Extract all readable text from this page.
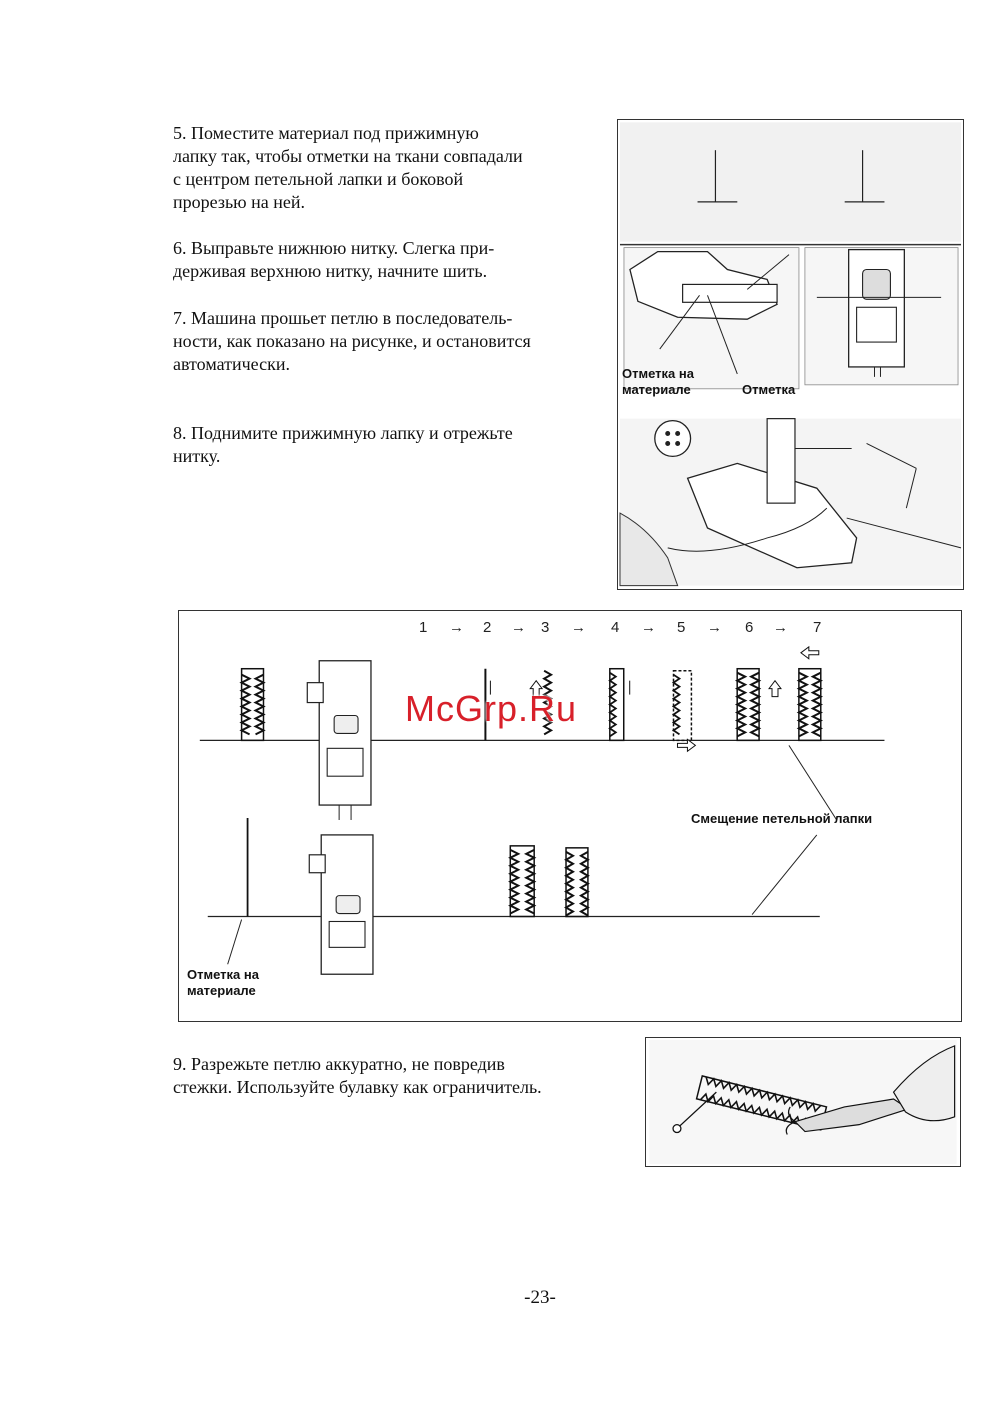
5. Поместите материал под прижимную
лапку так, чтобы отметки на ткани совпадали
с центром петельной лапки и боковой
прорезью на ней.

6. Выправьте нижнюю нитку. Слегка при-
держивая верхнюю нитку, начните шить.

7. Машина прошьет петлю в последователь-
ности, как показано на рисунке, и остановится
автоматически.

8. Поднимите прижимную лапку и отрежьте
нитку.

9. Разрежьте петлю аккуратно, не повредив
стежки. Используйте булавку как ограничитель.

Отметка на
материале	Отметка
1 → 2 → 3 → 4 → 5 → 6 → 7
Смещение петельной лапки
Отметка на
материале
McGrp.Ru
-23-
